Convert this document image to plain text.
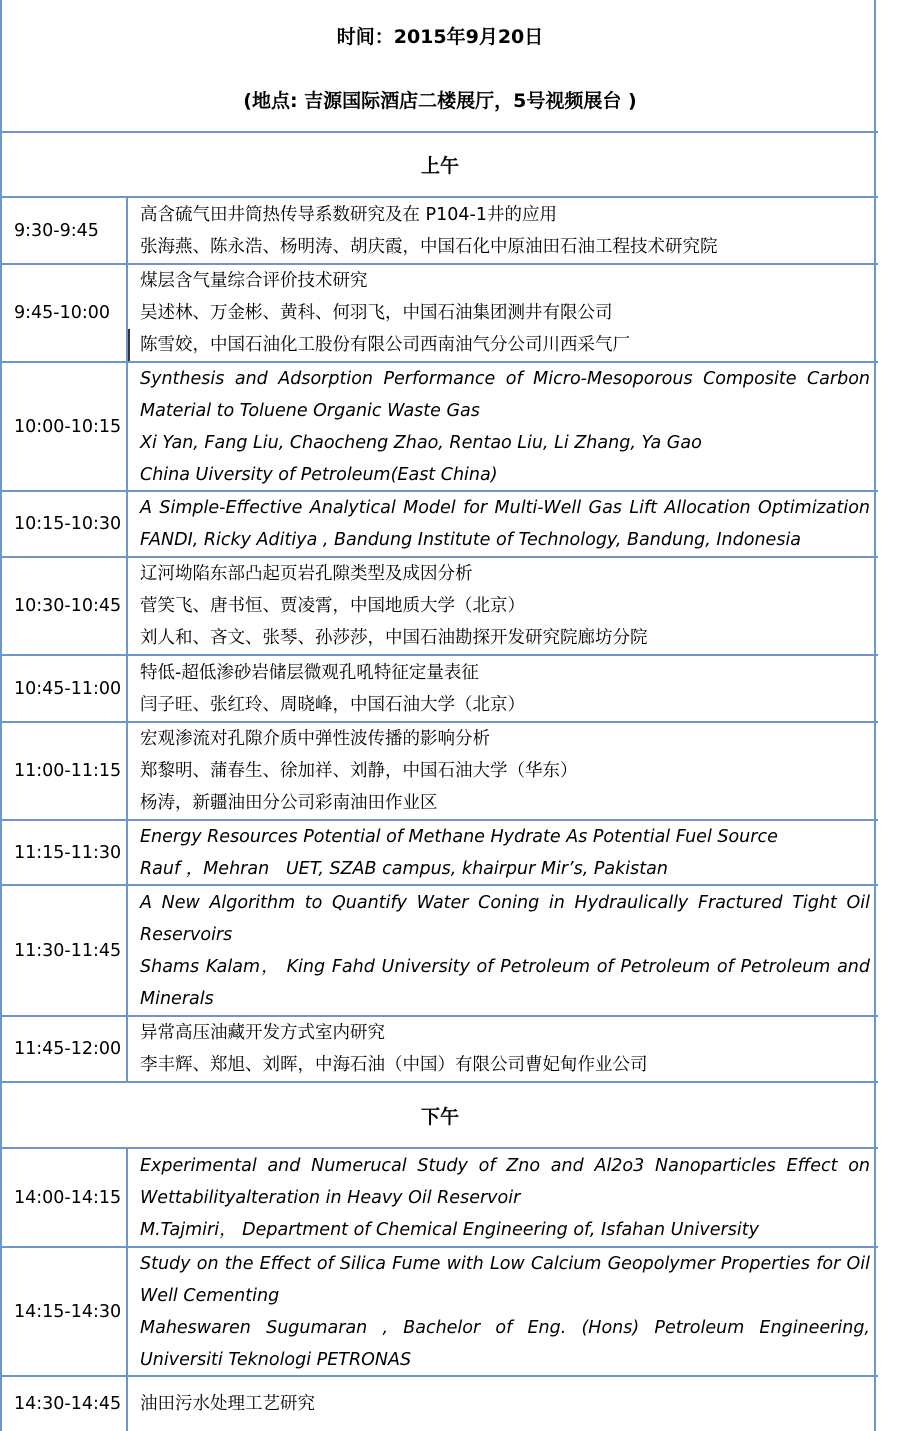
时间：2015年9月20日
(地点: 吉源国际酒店二楼展厅，5号视频展台 )
上午
9:30-9:45
高含硫气田井筒热传导系数研究及在 P104-1井的应用
张海燕、陈永浩、杨明涛、胡庆霞，中国石化中原油田石油工程技术研究院
9:45-10:00
煤层含气量综合评价技术研究
吴述林、万金彬、黄科、何羽飞，中国石油集团测井有限公司
陈雪姣，中国石油化工股份有限公司西南油气分公司川西采气厂
10:00-10:15
Synthesis and Adsorption Performance of Micro-Mesoporous Composite Carbon
Material to Toluene Organic Waste Gas
Xi Yan, Fang Liu, Chaocheng Zhao, Rentao Liu, Li Zhang, Ya Gao
China Uiversity of Petroleum(East China)
10:15-10:30
A Simple-Effective Analytical Model for Multi-Well Gas Lift Allocation Optimization
FANDI, Ricky Aditiya , Bandung Institute of Technology, Bandung, Indonesia
10:30-10:45
辽河坳陷东部凸起页岩孔隙类型及成因分析
菅笑飞、唐书恒、贾凌霄，中国地质大学（北京）
刘人和、吝文、张琴、孙莎莎，中国石油勘探开发研究院廊坊分院
10:45-11:00
特低-超低渗砂岩储层微观孔吼特征定量表征
闫子旺、张红玲、周晓峰，中国石油大学（北京）
11:00-11:15
宏观渗流对孔隙介质中弹性波传播的影响分析
郑黎明、蒲春生、徐加祥、刘静，中国石油大学（华东）
杨涛，新疆油田分公司彩南油田作业区
11:15-11:30
Energy Resources Potential of Methane Hydrate As Potential Fuel Source
Rauf ，Mehran   UET, SZAB campus, khairpur Mir’s, Pakistan
11:30-11:45
A New Algorithm to Quantify Water Coning in Hydraulically Fractured Tight Oil
Reservoirs
Shams Kalam， King Fahd University of Petroleum of Petroleum of Petroleum and
Minerals
11:45-12:00
异常高压油藏开发方式室内研究
李丰辉、郑旭、刘晖，中海石油（中国）有限公司曹妃甸作业公司
下午
14:00-14:15
Experimental and Numerucal Study of Zno and Al2o3 Nanoparticles Effect on
Wettabilityalteration in Heavy Oil Reservoir
M.Tajmiri， Department of Chemical Engineering of, Isfahan University
14:15-14:30
Study on the Effect of Silica Fume with Low Calcium Geopolymer Properties for Oil
Well Cementing
Maheswaren Sugumaran , Bachelor of Eng. (Hons) Petroleum Engineering,
Universiti Teknologi PETRONAS
14:30-14:45	油田污水处理工艺研究
